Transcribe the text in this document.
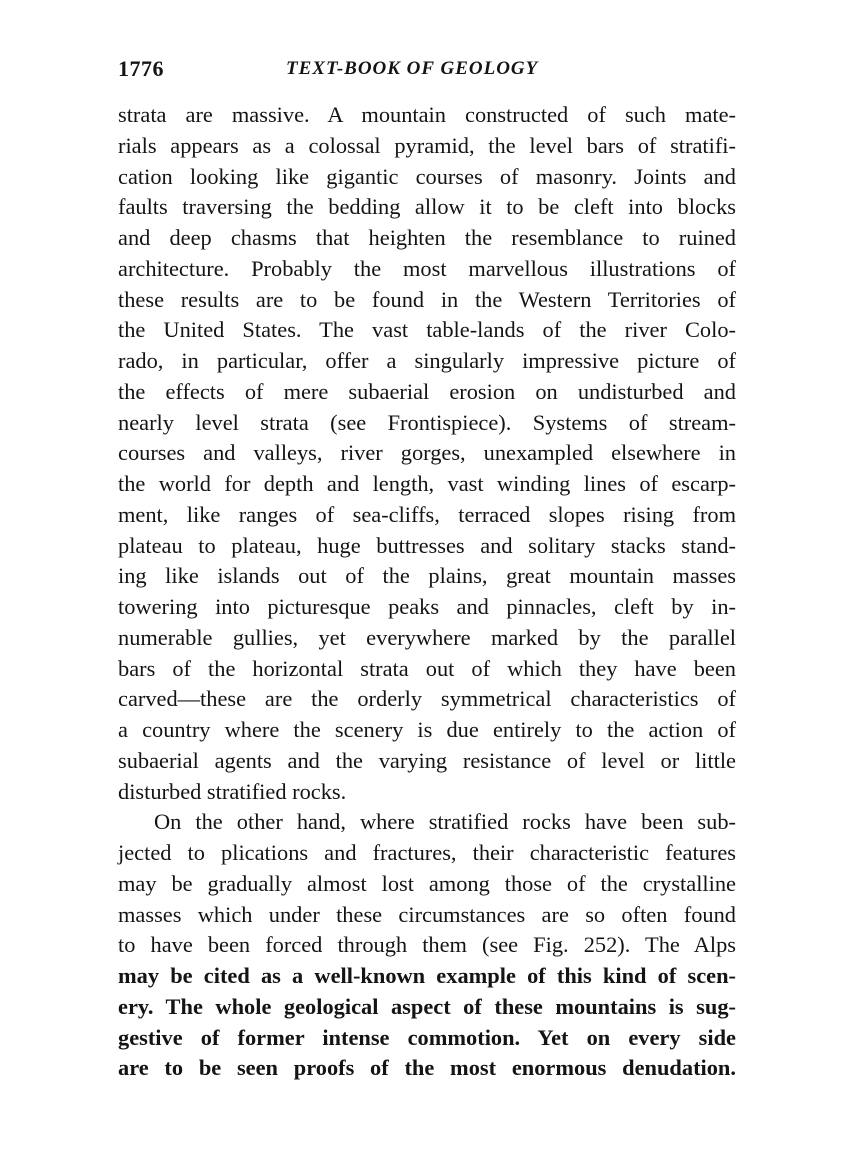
1776	TEXT-BOOK OF GEOLOGY
strata are massive. A mountain constructed of such mate-
rials appears as a colossal pyramid, the level bars of stratifi-
cation looking like gigantic courses of masonry. Joints and
faults traversing the bedding allow it to be cleft into blocks
and deep chasms that heighten the resemblance to ruined
architecture. Probably the most marvellous illustrations of
these results are to be found in the Western Territories of
the United States. The vast table-lands of the river Colo-
rado, in particular, offer a singularly impressive picture of
the effects of mere subaerial erosion on undisturbed and
nearly level strata (see Frontispiece). Systems of stream-
courses and valleys, river gorges, unexampled elsewhere in
the world for depth and length, vast winding lines of escarp-
ment, like ranges of sea-cliffs, terraced slopes rising from
plateau to plateau, huge buttresses and solitary stacks stand-
ing like islands out of the plains, great mountain masses
towering into picturesque peaks and pinnacles, cleft by in-
numerable gullies, yet everywhere marked by the parallel
bars of the horizontal strata out of which they have been
carved—these are the orderly symmetrical characteristics of
a country where the scenery is due entirely to the action of
subaerial agents and the varying resistance of level or little
disturbed stratified rocks.
On the other hand, where stratified rocks have been sub-
jected to plications and fractures, their characteristic features
may be gradually almost lost among those of the crystalline
masses which under these circumstances are so often found
to have been forced through them (see Fig. 252). The Alps
may be cited as a well-known example of this kind of scen-
ery. The whole geological aspect of these mountains is sug-
gestive of former intense commotion. Yet on every side
are to be seen proofs of the most enormous denudation.
